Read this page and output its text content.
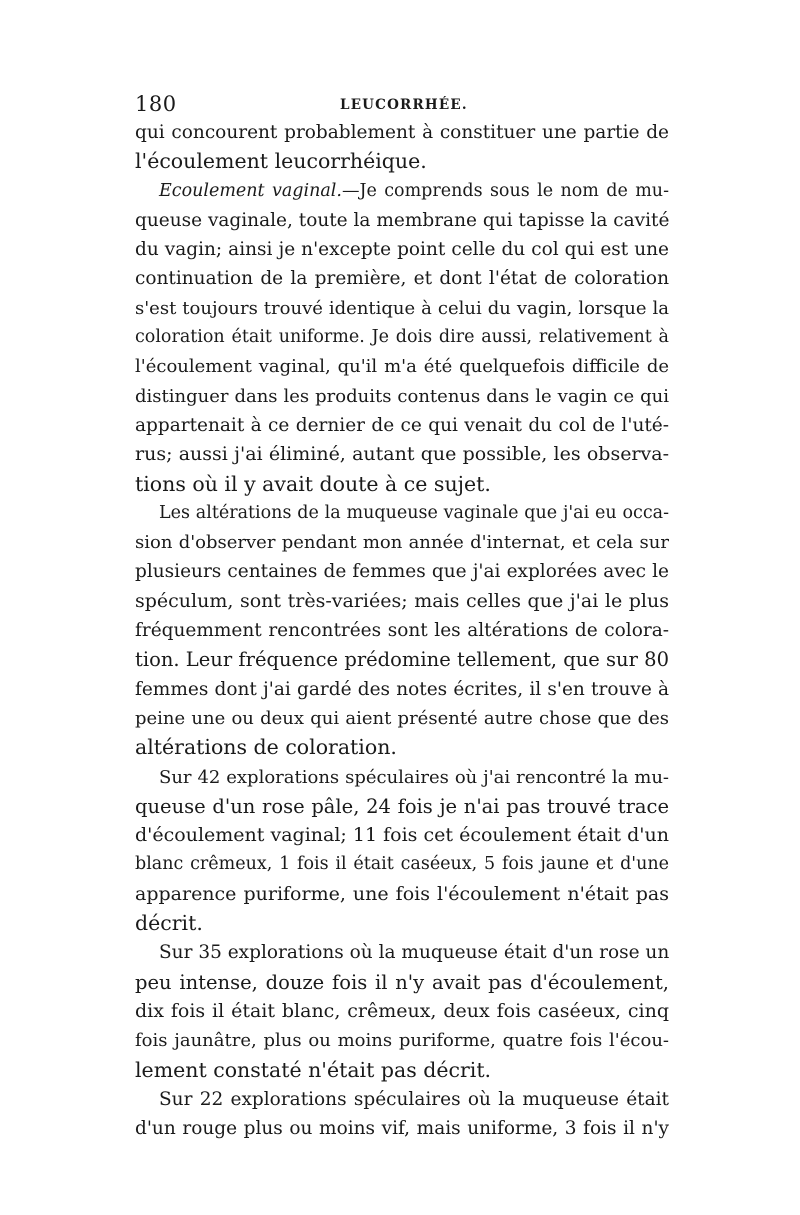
180	LEUCORRHÉE.
qui concourent probablement à constituer une partie de
l'écoulement leucorrhéique.
Ecoulement vaginal.—Je comprends sous le nom de mu-
queuse vaginale, toute la membrane qui tapisse la cavité
du vagin; ainsi je n'excepte point celle du col qui est une
continuation de la première, et dont l'état de coloration
s'est toujours trouvé identique à celui du vagin, lorsque la
coloration était uniforme. Je dois dire aussi, relativement à
l'écoulement vaginal, qu'il m'a été quelquefois difficile de
distinguer dans les produits contenus dans le vagin ce qui
appartenait à ce dernier de ce qui venait du col de l'uté-
rus; aussi j'ai éliminé, autant que possible, les observa-
tions où il y avait doute à ce sujet.
Les altérations de la muqueuse vaginale que j'ai eu occa-
sion d'observer pendant mon année d'internat, et cela sur
plusieurs centaines de femmes que j'ai explorées avec le
spéculum, sont très-variées; mais celles que j'ai le plus
fréquemment rencontrées sont les altérations de colora-
tion. Leur fréquence prédomine tellement, que sur 80
femmes dont j'ai gardé des notes écrites, il s'en trouve à
peine une ou deux qui aient présenté autre chose que des
altérations de coloration.
Sur 42 explorations spéculaires où j'ai rencontré la mu-
queuse d'un rose pâle, 24 fois je n'ai pas trouvé trace
d'écoulement vaginal; 11 fois cet écoulement était d'un
blanc crêmeux, 1 fois il était caséeux, 5 fois jaune et d'une
apparence puriforme, une fois l'écoulement n'était pas
décrit.
Sur 35 explorations où la muqueuse était d'un rose un
peu intense, douze fois il n'y avait pas d'écoulement,
dix fois il était blanc, crêmeux, deux fois caséeux, cinq
fois jaunâtre, plus ou moins puriforme, quatre fois l'écou-
lement constaté n'était pas décrit.
Sur 22 explorations spéculaires où la muqueuse était
d'un rouge plus ou moins vif, mais uniforme, 3 fois il n'y
